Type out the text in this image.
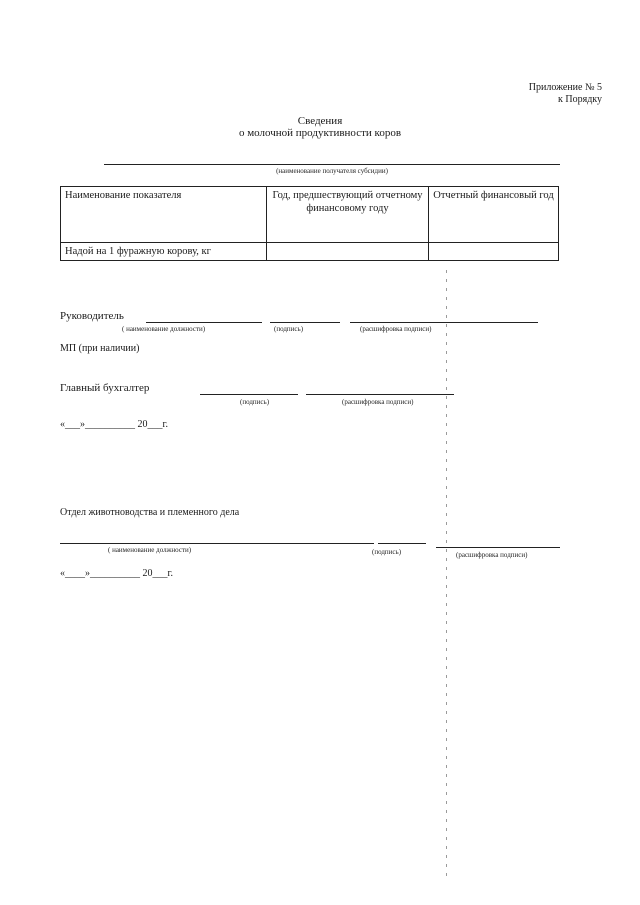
Приложение № 5
к Порядку
Сведения
о молочной продуктивности коров
(наименование получателя субсидии)
Наименование показателя	Год, предшествующий отчетному финансовому году	Отчетный финансовый год
Надой на 1 фуражную корову, кг		
Руководитель
( наименование должности)	(подпись)	(расшифровка подписи)
МП (при наличии)
Главный бухгалтер
(подпись)	(расшифровка подписи)
«___»__________ 20___г.
Отдел животноводства и племенного дела
( наименование должности)	(подпись)	(расшифровка подписи)
«____»__________ 20___г.
